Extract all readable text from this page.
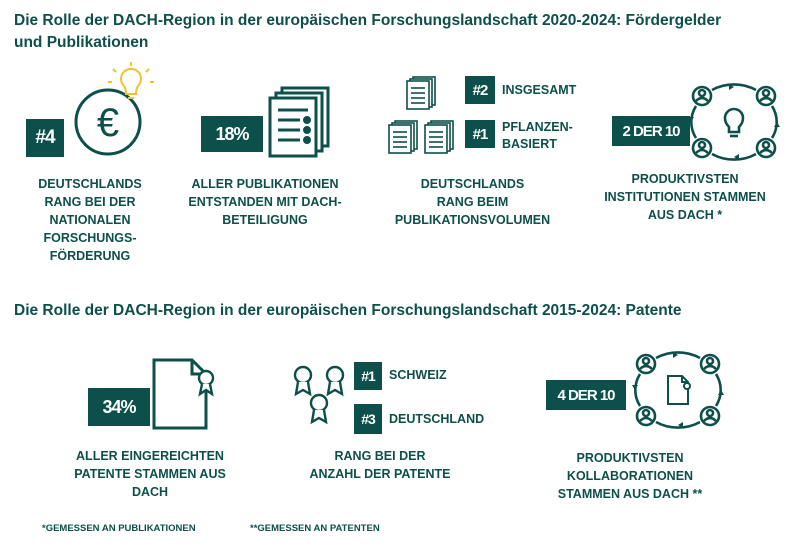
Die Rolle der DACH-Region in der europäischen Forschungslandschaft 2020-2024: Fördergelder
und Publikationen
€
#4
DEUTSCHLANDS
RANG BEI DER
NATIONALEN
FORSCHUNGS-
FÖRDERUNG
18%
ALLER PUBLIKATIONEN
ENTSTANDEN MIT DACH-
BETEILIGUNG
#2	INSGESAMT
#1	PFLANZEN-
BASIERT
DEUTSCHLANDS
RANG BEIM
PUBLIKATIONSVOLUMEN
2 DER 10
PRODUKTIVSTEN
INSTITUTIONEN STAMMEN
AUS DACH *
Die Rolle der DACH-Region in der europäischen Forschungslandschaft 2015-2024: Patente
34%
ALLER EINGEREICHTEN
PATENTE STAMMEN AUS
DACH
#1	SCHWEIZ
#3	DEUTSCHLAND
RANG BEI DER
ANZAHL DER PATENTE
4 DER 10
PRODUKTIVSTEN
KOLLABORATIONEN
STAMMEN AUS DACH **
*GEMESSEN AN PUBLIKATIONEN	**GEMESSEN AN PATENTEN
